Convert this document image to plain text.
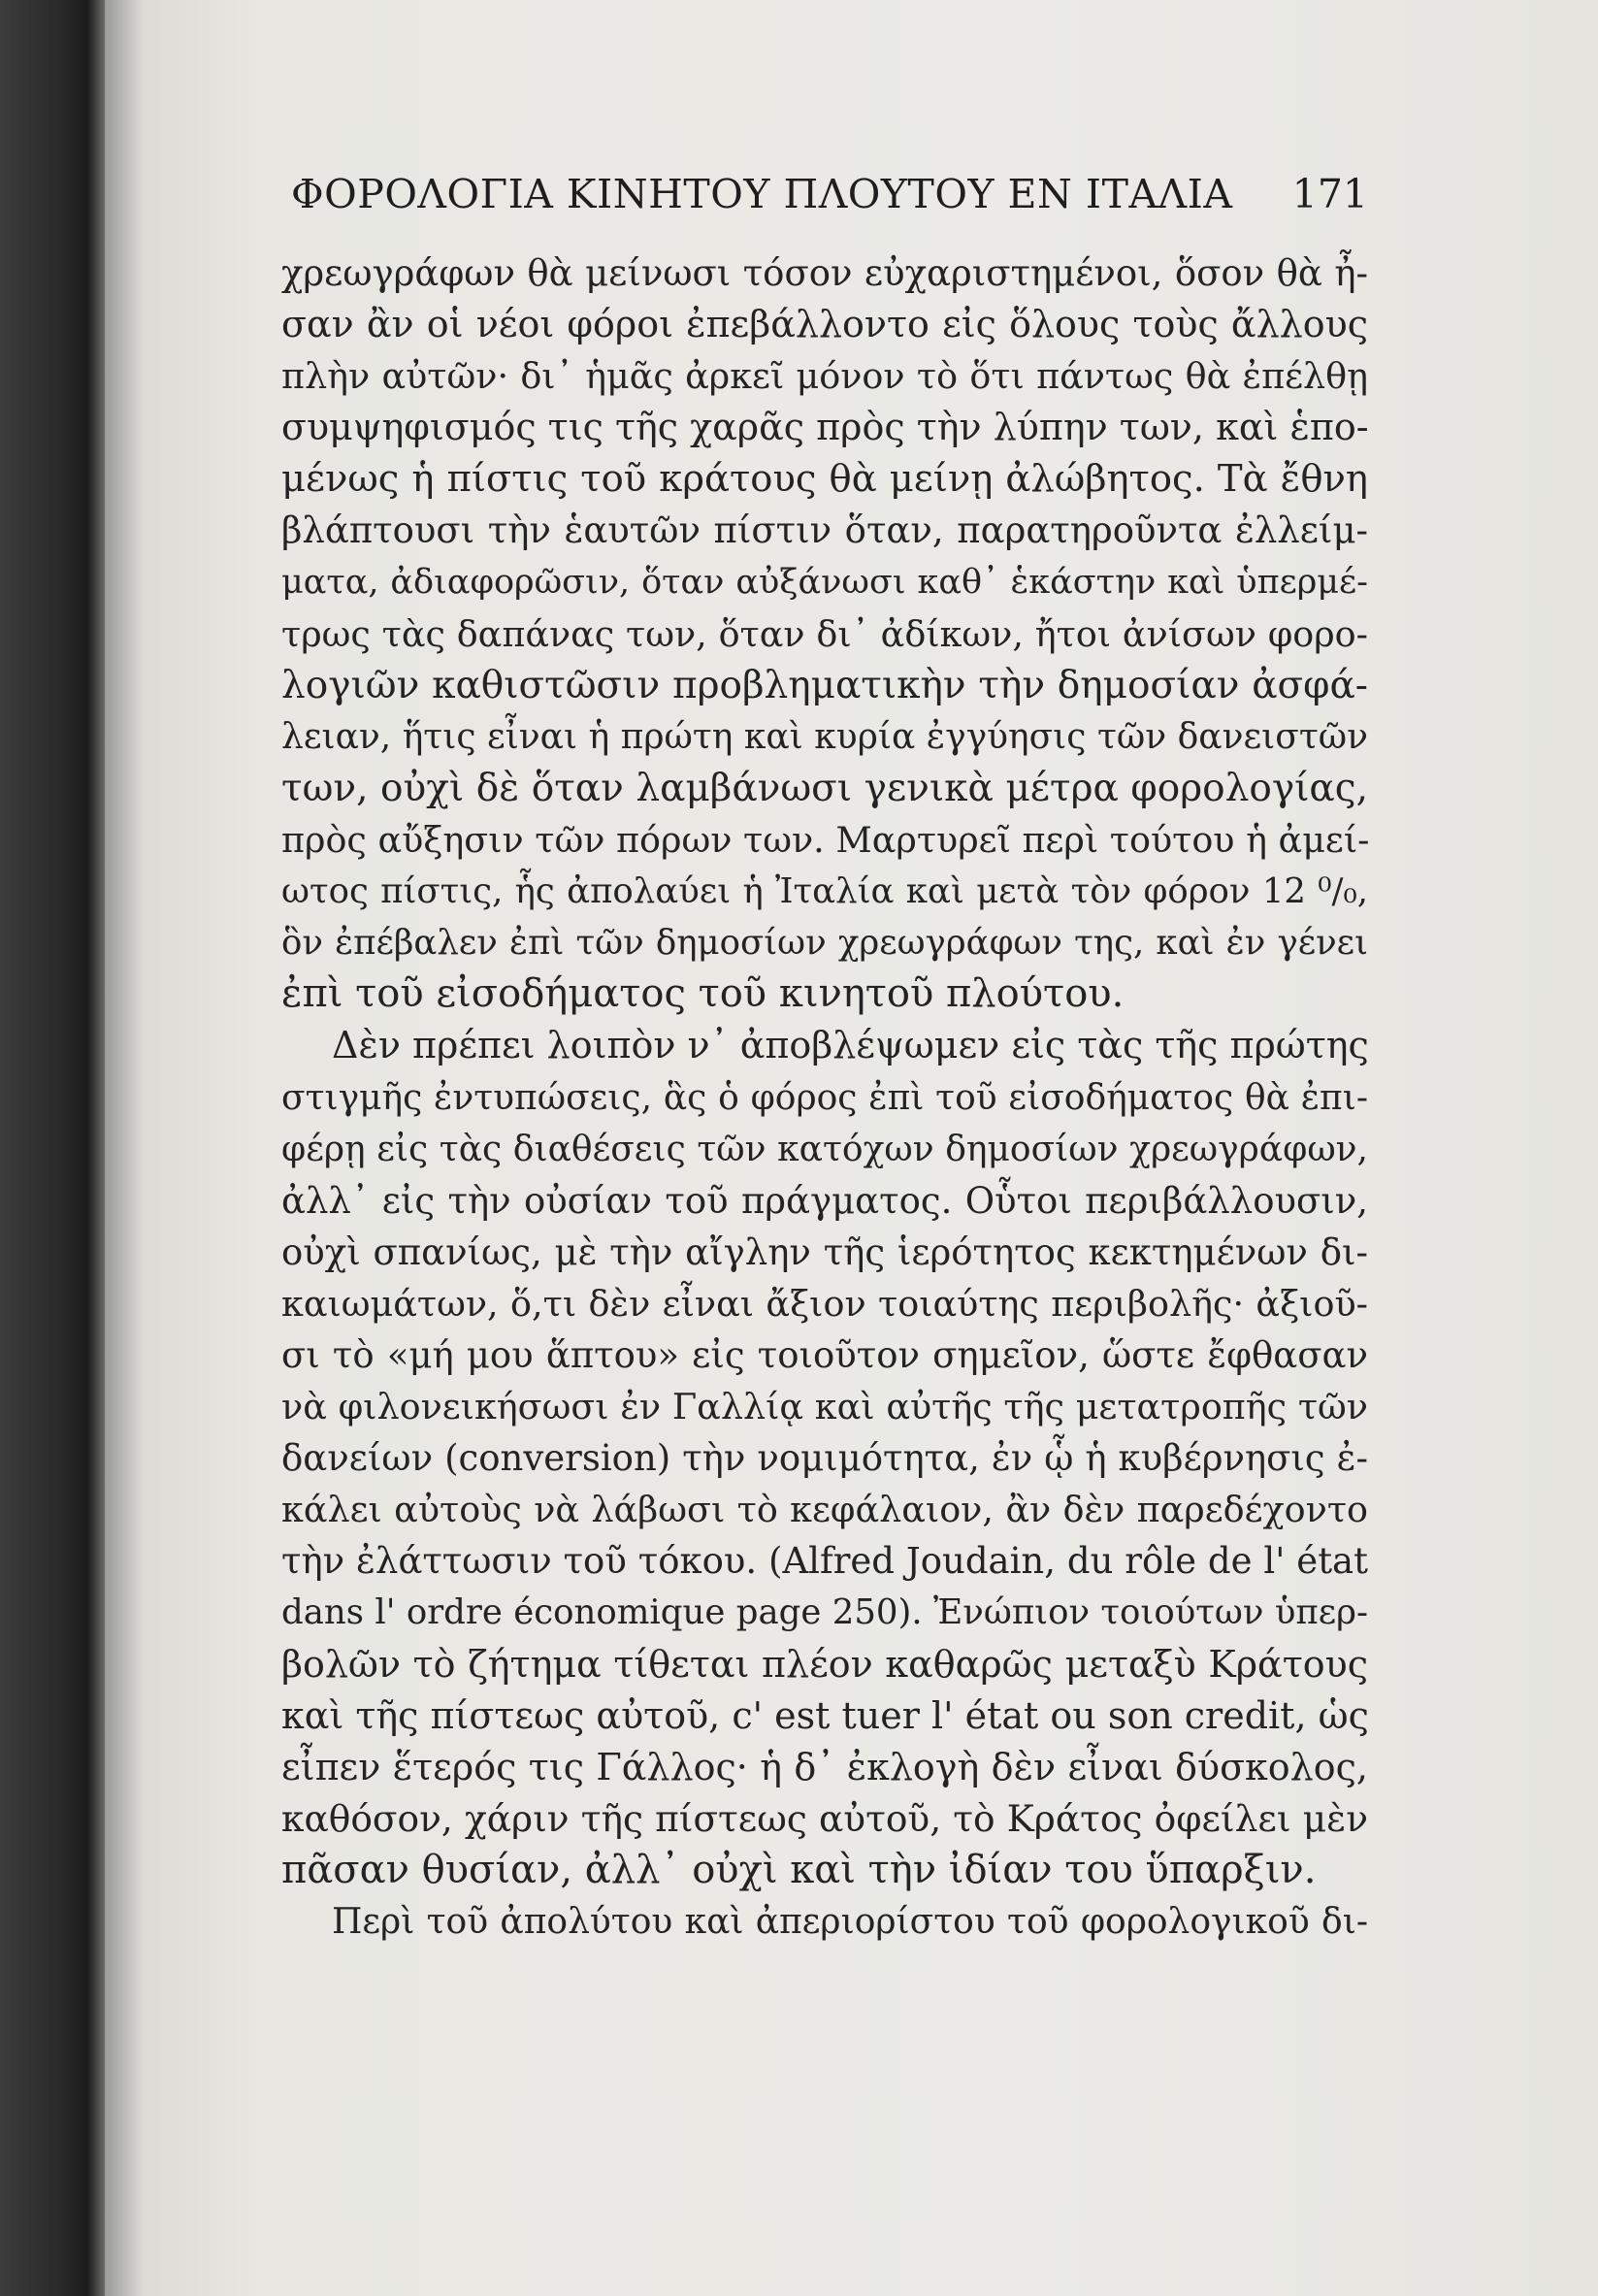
ΦΟΡΟΛΟΓΙΑ ΚΙΝΗΤΟΥ ΠΛΟΥΤΟΥ ΕΝ ΙΤΑΛΙΑ 171
χρεωγράφων θὰ μείνωσι τόσον εὐχαριστημένοι, ὅσον θὰ ἦ-
σαν ἂν οἱ νέοι φόροι ἐπεβάλλοντο εἰς ὅλους τοὺς ἄλλους
πλὴν αὐτῶν· δι᾽ ἡμᾶς ἀρκεῖ μόνον τὸ ὅτι πάντως θὰ ἐπέλθῃ
συμψηφισμός τις τῆς χαρᾶς πρὸς τὴν λύπην των, καὶ ἑπο-
μένως ἡ πίστις τοῦ κράτους θὰ μείνῃ ἀλώβητος. Τὰ ἔθνη
βλάπτουσι τὴν ἑαυτῶν πίστιν ὅταν, παρατηροῦντα ἐλλείμ-
ματα, ἀδιαφορῶσιν, ὅταν αὐξάνωσι καθ᾽ ἑκάστην καὶ ὑπερμέ-
τρως τὰς δαπάνας των, ὅταν δι᾽ ἀδίκων, ἤτοι ἀνίσων φορο-
λογιῶν καθιστῶσιν προβληματικὴν τὴν δημοσίαν ἀσφά-
λειαν, ἥτις εἶναι ἡ πρώτη καὶ κυρία ἐγγύησις τῶν δανειστῶν
των, οὐχὶ δὲ ὅταν λαμβάνωσι γενικὰ μέτρα φορολογίας,
πρὸς αὔξησιν τῶν πόρων των. Μαρτυρεῖ περὶ τούτου ἡ ἀμεί-
ωτος πίστις, ἧς ἀπολαύει ἡ Ἰταλία καὶ μετὰ τὸν φόρον 12 ⁰/₀,
ὃν ἐπέβαλεν ἐπὶ τῶν δημοσίων χρεωγράφων της, καὶ ἐν γένει
ἐπὶ τοῦ εἰσοδήματος τοῦ κινητοῦ πλούτου.
Δὲν πρέπει λοιπὸν ν᾽ ἀποβλέψωμεν εἰς τὰς τῆς πρώτης
στιγμῆς ἐντυπώσεις, ἃς ὁ φόρος ἐπὶ τοῦ εἰσοδήματος θὰ ἐπι-
φέρῃ εἰς τὰς διαθέσεις τῶν κατόχων δημοσίων χρεωγράφων,
ἀλλ᾽ εἰς τὴν οὐσίαν τοῦ πράγματος. Οὗτοι περιβάλλουσιν,
οὐχὶ σπανίως, μὲ τὴν αἴγλην τῆς ἱερότητος κεκτημένων δι-
καιωμάτων, ὅ,τι δὲν εἶναι ἄξιον τοιαύτης περιβολῆς· ἀξιοῦ-
σι τὸ «μή μου ἅπτου» εἰς τοιοῦτον σημεῖον, ὥστε ἔφθασαν
νὰ φιλονεικήσωσι ἐν Γαλλίᾳ καὶ αὐτῆς τῆς μετατροπῆς τῶν
δανείων (conversion) τὴν νομιμότητα, ἐν ᾧ ἡ κυβέρνησις ἐ-
κάλει αὐτοὺς νὰ λάβωσι τὸ κεφάλαιον, ἂν δὲν παρεδέχοντο
τὴν ἐλάττωσιν τοῦ τόκου. (Alfred Joudain, du rôle de l' état
dans l' ordre économique page 250). Ἐνώπιον τοιούτων ὑπερ-
βολῶν τὸ ζήτημα τίθεται πλέον καθαρῶς μεταξὺ Κράτους
καὶ τῆς πίστεως αὐτοῦ, c' est tuer l' état ou son credit, ὡς
εἶπεν ἕτερός τις Γάλλος· ἡ δ᾽ ἐκλογὴ δὲν εἶναι δύσκολος,
καθόσον, χάριν τῆς πίστεως αὐτοῦ, τὸ Κράτος ὀφείλει μὲν
πᾶσαν θυσίαν, ἀλλ᾽ οὐχὶ καὶ τὴν ἰδίαν του ὕπαρξιν.
Περὶ τοῦ ἀπολύτου καὶ ἀπεριορίστου τοῦ φορολογικοῦ δι-
